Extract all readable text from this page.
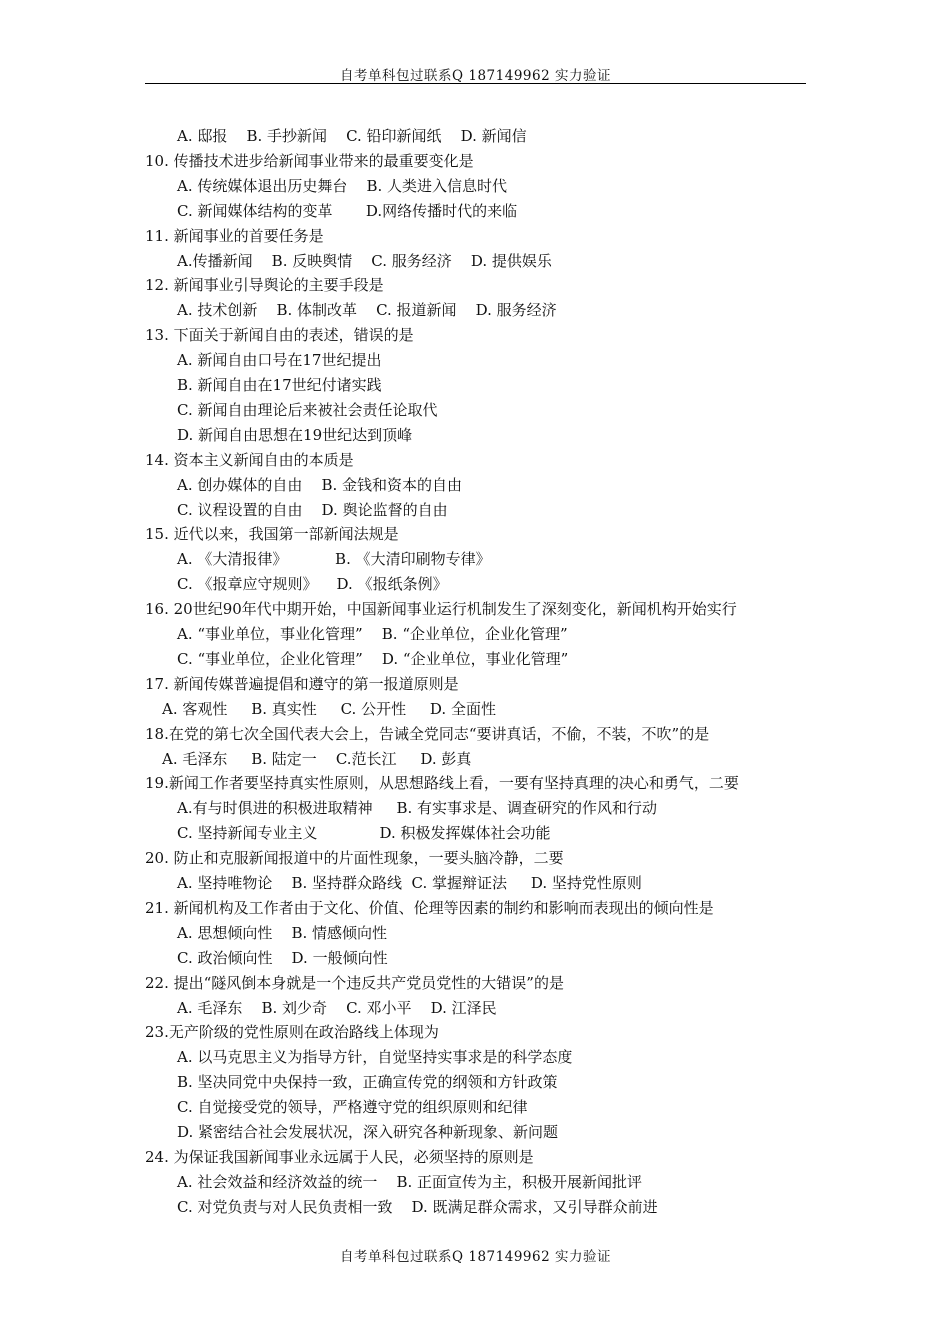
自考单科包过联系Q 187149962 实力验证
A. 邸报    B. 手抄新闻    C. 铅印新闻纸    D. 新闻信
10. 传播技术进步给新闻事业带来的最重要变化是
A. 传统媒体退出历史舞台    B. 人类进入信息时代
C. 新闻媒体结构的变革       D.网络传播时代的来临
11. 新闻事业的首要任务是
A.传播新闻    B. 反映舆情    C. 服务经济    D. 提供娱乐
12. 新闻事业引导舆论的主要手段是
A. 技术创新    B. 体制改革    C. 报道新闻    D. 服务经济
13. 下面关于新闻自由的表述，错误的是
A. 新闻自由口号在17世纪提出
B. 新闻自由在17世纪付诸实践
C. 新闻自由理论后来被社会责任论取代
D. 新闻自由思想在19世纪达到顶峰
14. 资本主义新闻自由的本质是
A. 创办媒体的自由    B. 金钱和资本的自由
C. 议程设置的自由    D. 舆论监督的自由
15. 近代以来，我国第一部新闻法规是
A. 《大清报律》          B. 《大清印刷物专律》
C. 《报章应守规则》    D. 《报纸条例》
16. 20世纪90年代中期开始，中国新闻事业运行机制发生了深刻变化，新闻机构开始实行
A. “事业单位，事业化管理”    B. “企业单位，企业化管理”
C. “事业单位，企业化管理”    D. “企业单位，事业化管理”
17. 新闻传媒普遍提倡和遵守的第一报道原则是
A. 客观性     B. 真实性     C. 公开性     D. 全面性
18.在党的第七次全国代表大会上，告诫全党同志“要讲真话，不偷，不装，不吹”的是
A. 毛泽东     B. 陆定一    C.范长江     D. 彭真
19.新闻工作者要坚持真实性原则，从思想路线上看，一要有坚持真理的决心和勇气，二要
A.有与时俱进的积极进取精神     B. 有实事求是、调查研究的作风和行动
C. 坚持新闻专业主义             D. 积极发挥媒体社会功能
20. 防止和克服新闻报道中的片面性现象，一要头脑冷静，二要
A. 坚持唯物论    B. 坚持群众路线  C. 掌握辩证法     D. 坚持党性原则
21. 新闻机构及工作者由于文化、价值、伦理等因素的制约和影响而表现出的倾向性是
A. 思想倾向性    B. 情感倾向性
C. 政治倾向性    D. 一般倾向性
22. 提出“隧风倒本身就是一个违反共产党员党性的大错误”的是
A. 毛泽东    B. 刘少奇    C. 邓小平    D. 江泽民
23.无产阶级的党性原则在政治路线上体现为
A. 以马克思主义为指导方针，自觉坚持实事求是的科学态度
B. 坚决同党中央保持一致，正确宣传党的纲领和方针政策
C. 自觉接受党的领导，严格遵守党的组织原则和纪律
D. 紧密结合社会发展状况，深入研究各种新现象、新问题
24. 为保证我国新闻事业永远属于人民，必须坚持的原则是
A. 社会效益和经济效益的统一    B. 正面宣传为主，积极开展新闻批评
C. 对党负责与对人民负责相一致    D. 既满足群众需求，又引导群众前进
自考单科包过联系Q 187149962 实力验证
